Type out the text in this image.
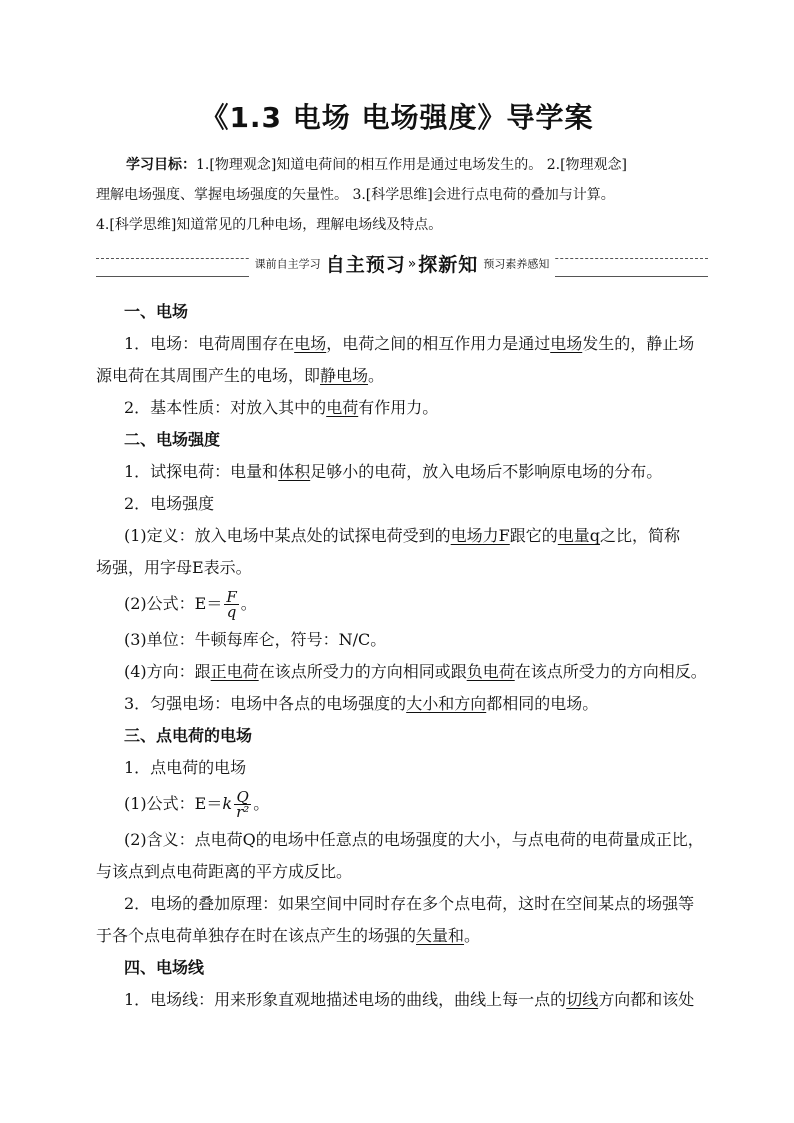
《1.3 电场 电场强度》导学案
学习目标：1.[物理观念]知道电荷间的相互作用是通过电场发生的。 2.[物理观念]
理解电场强度、掌握电场强度的矢量性。 3.[科学思维]会进行点电荷的叠加与计算。
4.[科学思维]知道常见的几种电场，理解电场线及特点。
课前自主学习 自主预习 » 探新知 预习素养感知
一、电场
1．电场：电荷周围存在电场，电荷之间的相互作用力是通过电场发生的，静止场
源电荷在其周围产生的电场，即静电场。
2．基本性质：对放入其中的电荷有作用力。
二、电场强度
1．试探电荷：电量和体积足够小的电荷，放入电场后不影响原电场的分布。
2．电场强度
(1)定义：放入电场中某点处的试探电荷受到的电场力F跟它的电量q之比，简称
场强，用字母E表示。
(2)公式：$E= \frac{F}{q}$ 。
(3)单位：牛顿每库仑，符号：N/C。
(4)方向：跟正电荷在该点所受力的方向相同或跟负电荷在该点所受力的方向相反。
3．匀强电场：电场中各点的电场强度的大小和方向都相同的电场。
三、点电荷的电场
1．点电荷的电场
(1)公式：$E=k \frac{Q}{\text{r²}}$ 。
(2)含义：点电荷Q的电场中任意点的电场强度的大小，与点电荷的电荷量成正比，
与该点到点电荷距离的平方成反比。
2．电场的叠加原理：如果空间中同时存在多个点电荷，这时在空间某点的场强等
于各个点电荷单独存在时在该点产生的场强的矢量和。
四、电场线
1．电场线：用来形象直观地描述电场的曲线，曲线上每一点的切线方向都和该处
